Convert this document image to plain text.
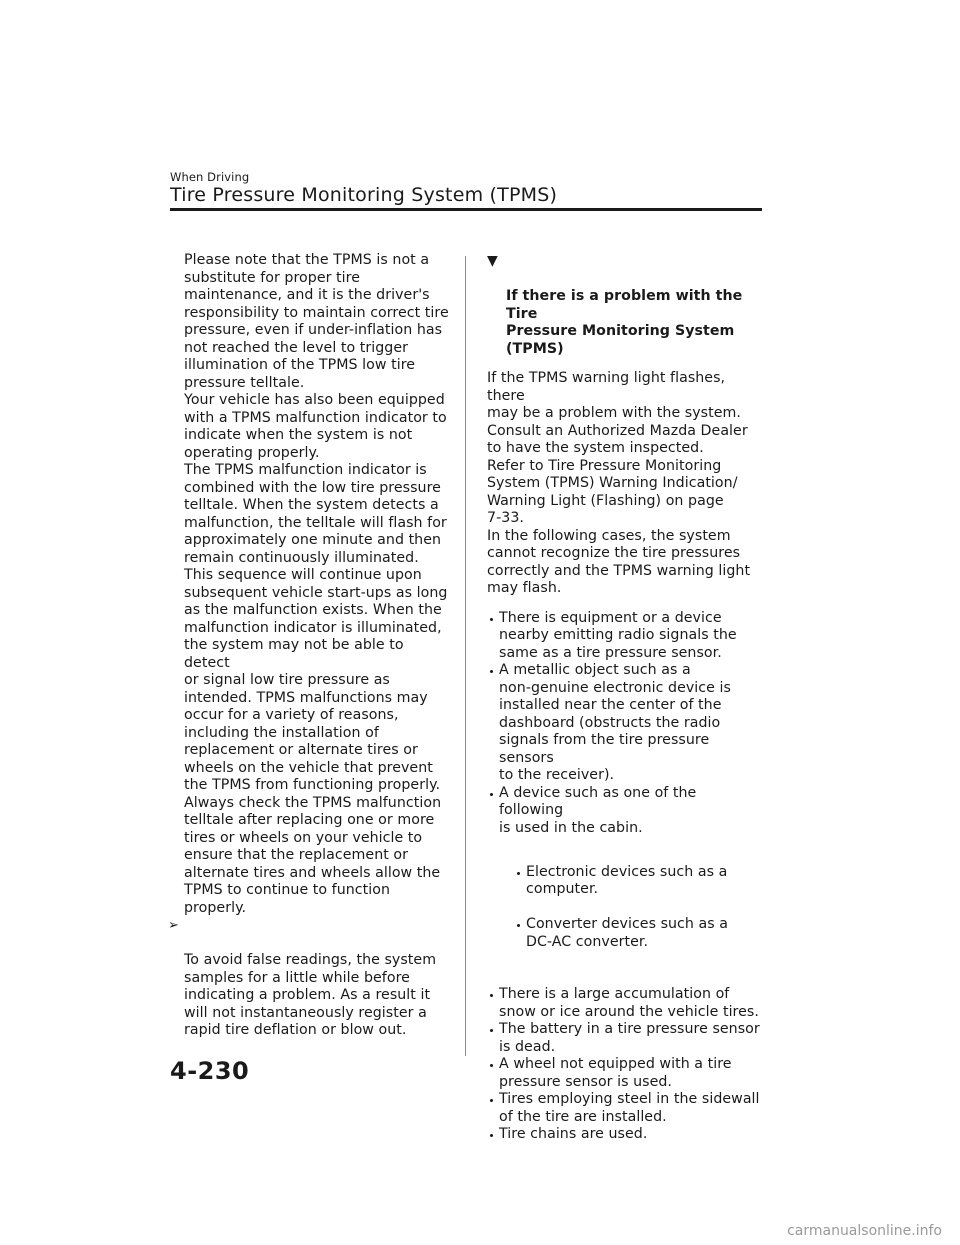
When Driving
Tire Pressure Monitoring System (TPMS)

Please note that the TPMS is not a
substitute for proper tire
maintenance, and it is the driver's
responsibility to maintain correct tire
pressure, even if under-inflation has
not reached the level to trigger
illumination of the TPMS low tire
pressure telltale.
Your vehicle has also been equipped
with a TPMS malfunction indicator to
indicate when the system is not
operating properly.
The TPMS malfunction indicator is
combined with the low tire pressure
telltale. When the system detects a
malfunction, the telltale will flash for
approximately one minute and then
remain continuously illuminated.
This sequence will continue upon
subsequent vehicle start-ups as long
as the malfunction exists. When the
malfunction indicator is illuminated,
the system may not be able to detect
or signal low tire pressure as
intended. TPMS malfunctions may
occur for a variety of reasons,
including the installation of
replacement or alternate tires or
wheels on the vehicle that prevent
the TPMS from functioning properly.
Always check the TPMS malfunction
telltale after replacing one or more
tires or wheels on your vehicle to
ensure that the replacement or
alternate tires and wheels allow the
TPMS to continue to function
properly.

➢

To avoid false readings, the system
samples for a little while before
indicating a problem. As a result it
will not instantaneously register a
rapid tire deflation or blow out.

▼

If there is a problem with the Tire
Pressure Monitoring System
(TPMS)

If the TPMS warning light flashes, there
may be a problem with the system.
Consult an Authorized Mazda Dealer
to have the system inspected.
Refer to Tire Pressure Monitoring
System (TPMS) Warning Indication/
Warning Light (Flashing) on page
7-33.
In the following cases, the system
cannot recognize the tire pressures
correctly and the TPMS warning light
may flash.

There is equipment or a device
nearby emitting radio signals the
same as a tire pressure sensor.
A metallic object such as a
non-genuine electronic device is
installed near the center of the
dashboard (obstructs the radio
signals from the tire pressure sensors
to the receiver).
A device such as one of the following
is used in the cabin.

Electronic devices such as a
computer.

Converter devices such as a
DC-AC converter.

There is a large accumulation of
snow or ice around the vehicle tires.
The battery in a tire pressure sensor
is dead.
A wheel not equipped with a tire
pressure sensor is used.
Tires employing steel in the sidewall
of the tire are installed.
Tire chains are used.
4-230
carmanualsonline.info
